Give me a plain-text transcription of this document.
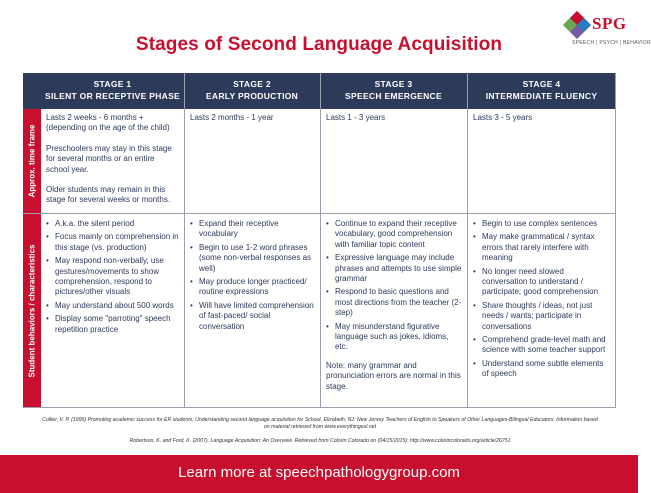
Stages of Second Language Acquisition
SPG
SPEECH | PSYCH | BEHAVIOR
STAGE 1
SILENT OR RECEPTIVE PHASE
STAGE 2
EARLY PRODUCTION
STAGE 3
SPEECH EMERGENCE
STAGE 4
INTERMEDIATE FLUENCY
Approx. time frame
Student behaviors / characteristics

Lasts 2 weeks - 6 months + (depending on the age of the child)

Preschoolers may stay in this stage for several months or an entire school year.

Older students may remain in this stage for several weeks or months.

Lasts 2 months - 1 year	Lasts 1 - 3 years	Lasts 3 - 5 years

• A.k.a. the silent period
• Focus mainly on comprehension in this stage (vs. production)
• May respond non-verbally, use gestures/movements to show comprehension, respond to pictures/other visuals
• May understand about 500 words
• Display some "parroting" speech repetition practice
• Expand their receptive vocabulary
• Begin to use 1-2 word phrases (some non-verbal responses as well)
• May produce longer practiced/ routine expressions
• Will have limited comprehension of fast-paced/ social conversation
• Continue to expand their receptive vocabulary, good comprehension with familiar topic content
• Expressive language may include phrases and attempts to use simple grammar
• Respond to basic questions and most directions from the teacher (2-step)
• May misunderstand figurative language such as jokes, idioms, etc.

Note: many grammar and pronunciation errors are normal in this stage.

• Begin to use complex sentences
• May make grammatical / syntax errors that rarely interfere with meaning
• No longer need slowed conversation to understand / participate; good comprehension
• Share thoughts / ideas, not just needs / wants; participate in conversations
• Comprehend grade-level math and science with some teacher support
• Understand some subtle elements of speech
Collier, V. P. (1995) Promoting academic success for ER students. Understanding second language acquisition for School. Elizabeth, NJ: New Jersey Teachers of English to Speakers of Other Languages-Bilingual Educators. Information based on material retrieved from www.everythingesl.net
Robertson, K. and Ford, K. (2007). Language Acquisition: An Overview. Retrieved from Colorin Colorado on (04/15/2015): http://www.colorincolorado.org/article/26751
Learn more at speechpathologygroup.com
